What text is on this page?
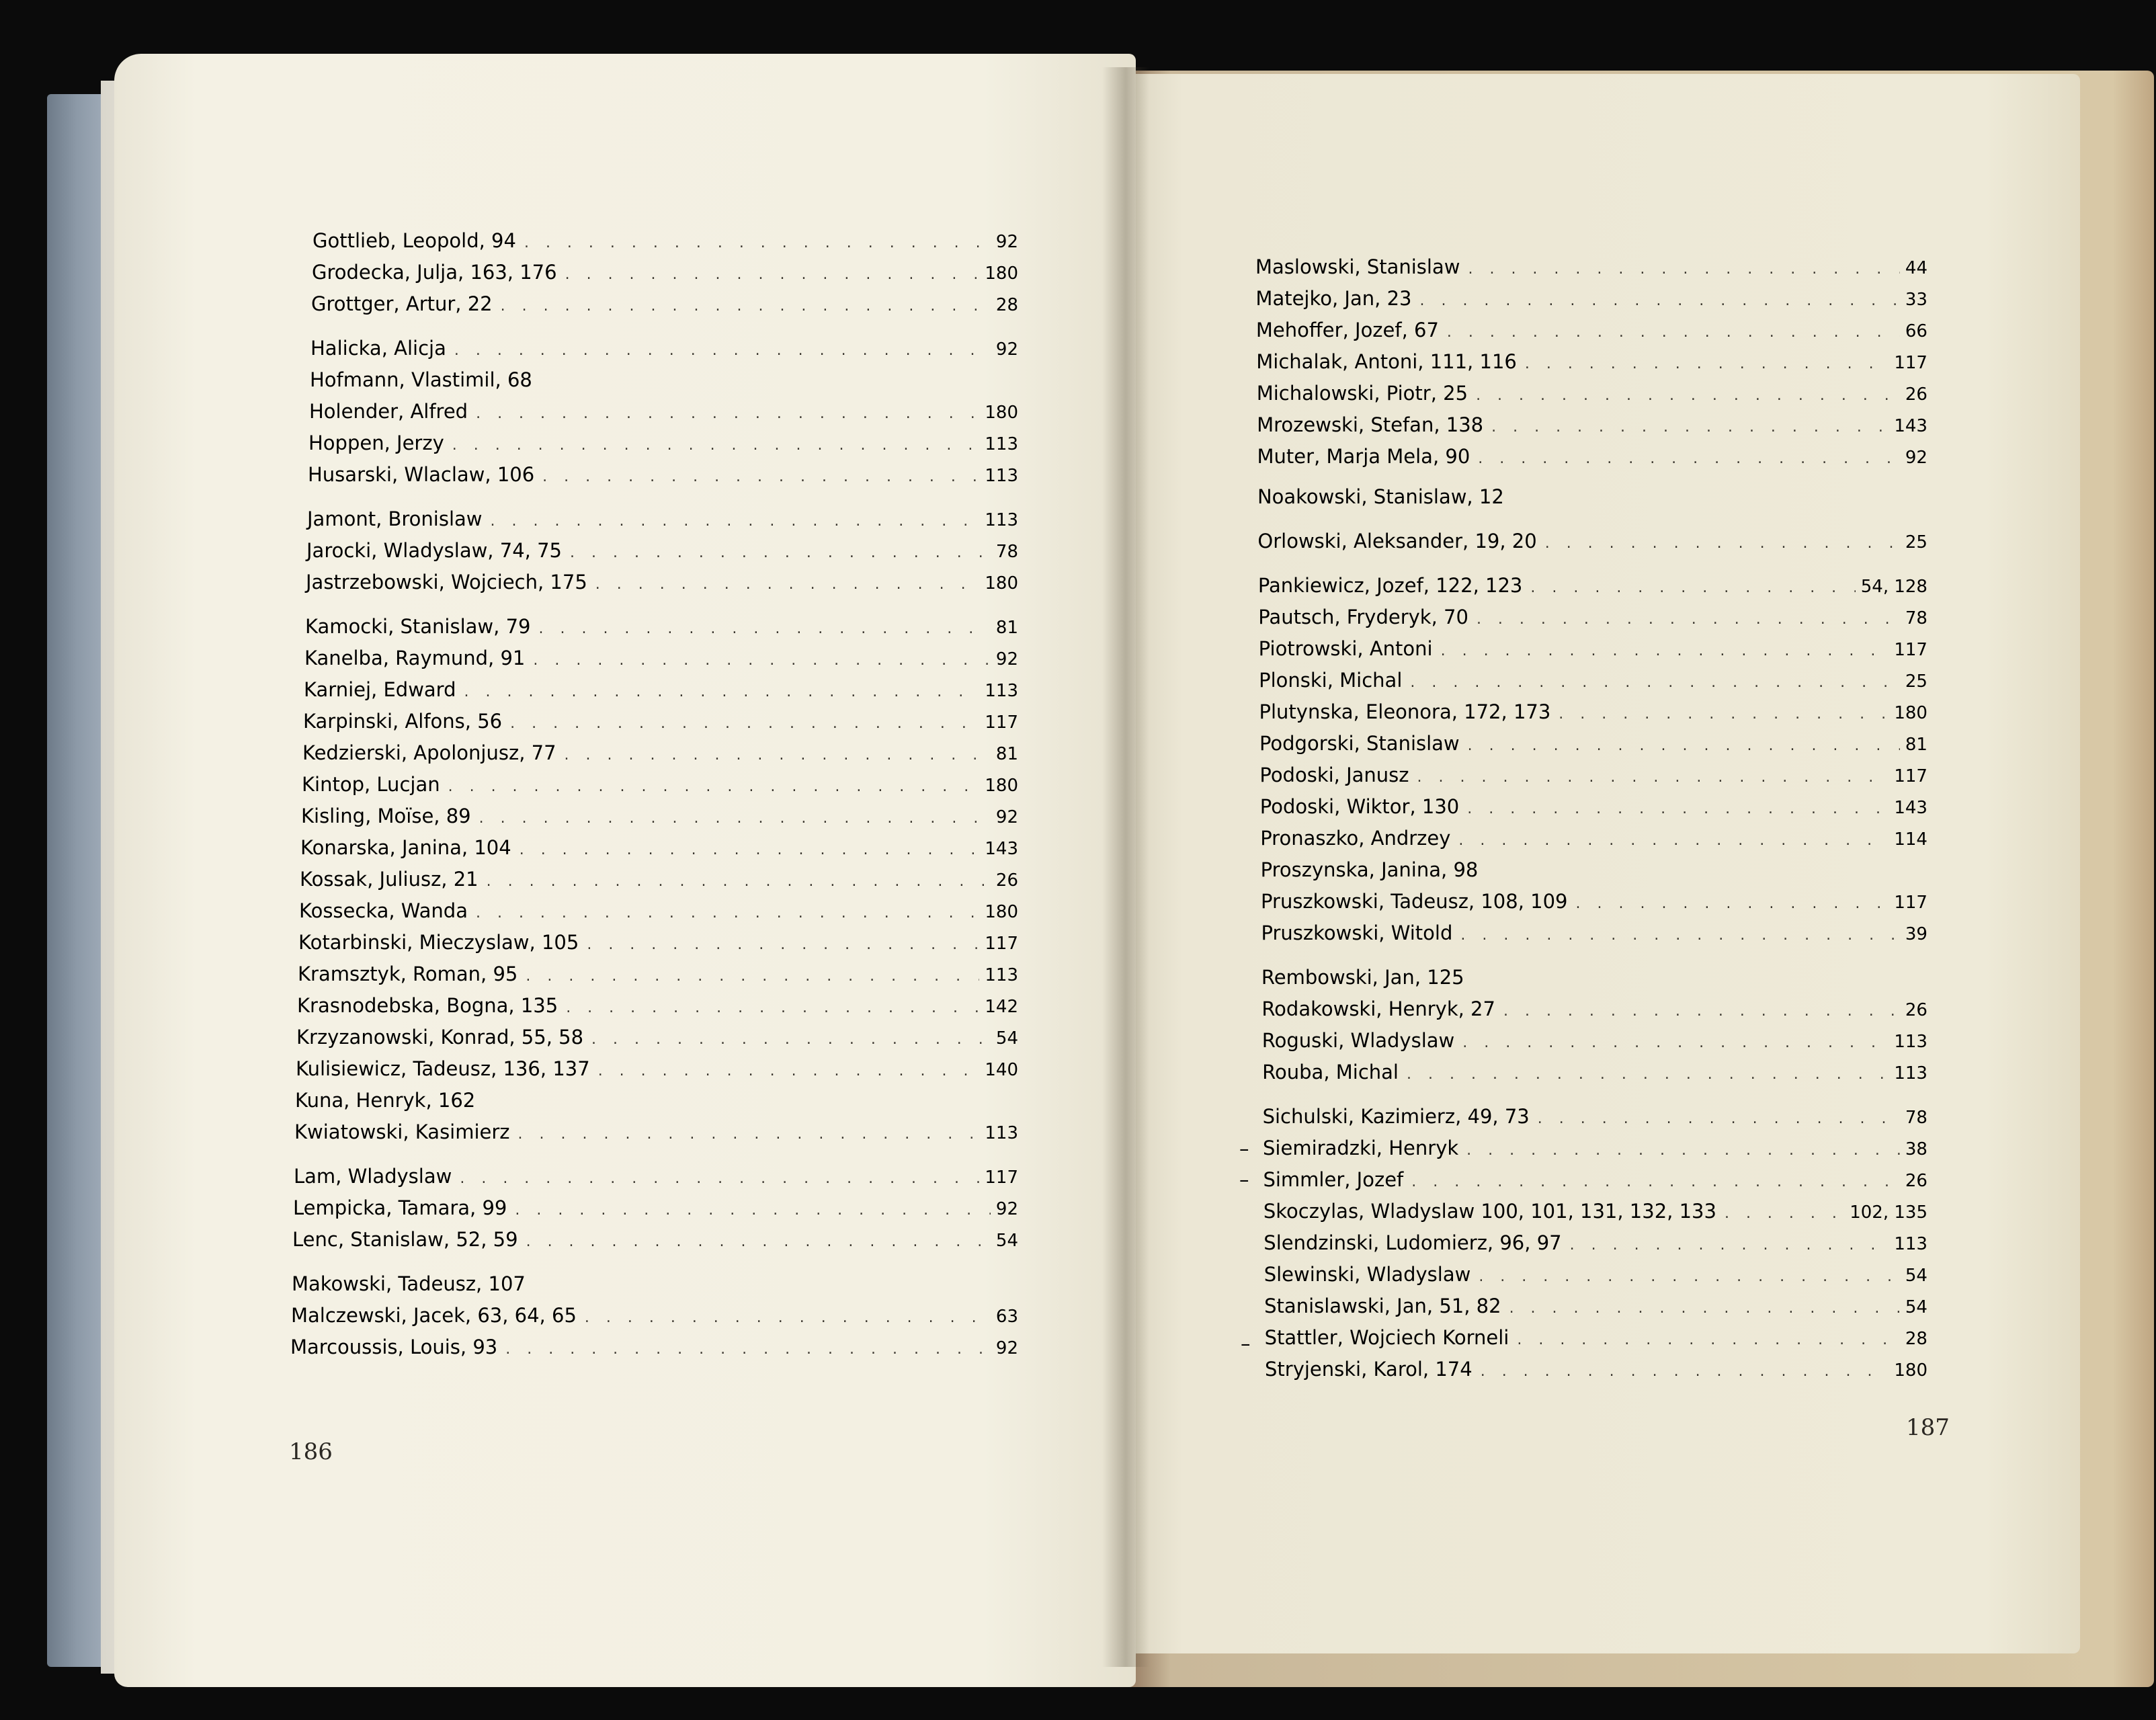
Gottlieb, Leopold, 94 . . .	92
Grodecka, Julja, 163, 176 . . .	180
Grottger, Artur, 22 . . .	28
Halicka, Alicja . . .	92
Hofmann, Vlastimil, 68
Holender, Alfred . . .	180
Hoppen, Jerzy . . .	113
Husarski, Wlaclaw, 106 . . .	113
Jamont, Bronislaw . . .	113
Jarocki, Wladyslaw, 74, 75 . . .	78
Jastrzebowski, Wojciech, 175 . . .	180
Kamocki, Stanislaw, 79 . . .	81
Kanelba, Raymund, 91 . . .	92
Karniej, Edward . . .	113
Karpinski, Alfons, 56 . . .	117
Kedzierski, Apolonjusz, 77 . . .	81
Kintop, Lucjan . . .	180
Kisling, Moïse, 89 . . .	92
Konarska, Janina, 104 . . .	143
Kossak, Juliusz, 21 . . .	26
Kossecka, Wanda . . .	180
Kotarbinski, Mieczyslaw, 105 . . .	117
Kramsztyk, Roman, 95 . . .	113
Krasnodebska, Bogna, 135 . . .	142
Krzyzanowski, Konrad, 55, 58 . . .	54
Kulisiewicz, Tadeusz, 136, 137 . . .	140
Kuna, Henryk, 162
Kwiatowski, Kasimierz . . .	113
Lam, Wladyslaw . . .	117
Lempicka, Tamara, 99 . . .	92
Lenc, Stanislaw, 52, 59 . . .	54
Makowski, Tadeusz, 107
Malczewski, Jacek, 63, 64, 65 . . .	63
Marcoussis, Louis, 93 . . .	92
Maslowski, Stanislaw . . .	44
Matejko, Jan, 23 . . .	33
Mehoffer, Jozef, 67 . . .	66
Michalak, Antoni, 111, 116 . . .	117
Michalowski, Piotr, 25 . . .	26
Mrozewski, Stefan, 138 . . .	143
Muter, Marja Mela, 90 . . .	92
Noakowski, Stanislaw, 12
Orlowski, Aleksander, 19, 20 . . .	25
Pankiewicz, Jozef, 122, 123 . . .	54, 128
Pautsch, Fryderyk, 70 . . .	78
Piotrowski, Antoni . . .	117
Plonski, Michal . . .	25
Plutynska, Eleonora, 172, 173 . . .	180
Podgorski, Stanislaw . . .	81
Podoski, Janusz . . .	117
Podoski, Wiktor, 130 . . .	143
Pronaszko, Andrzey . . .	114
Proszynska, Janina, 98
Pruszkowski, Tadeusz, 108, 109 . . .	117
Pruszkowski, Witold . . .	39
Rembowski, Jan, 125
Rodakowski, Henryk, 27 . . .	26
Roguski, Wladyslaw . . .	113
Rouba, Michal . . .	113
Sichulski, Kazimierz, 49, 73 . . .	78
Siemiradzki, Henryk . . .	38
Simmler, Jozef . . .	26
Skoczylas, Wladyslaw 100, 101, 131, 132, 133 . . .	102, 135
Slendzinski, Ludomierz, 96, 97 . . .	113
Slewinski, Wladyslaw . . .	54
Stanislawski, Jan, 51, 82 . . .	54
Stattler, Wojciech Korneli . . .	28
Stryjenski, Karol, 174 . . .	180
186
187
–
–
–
